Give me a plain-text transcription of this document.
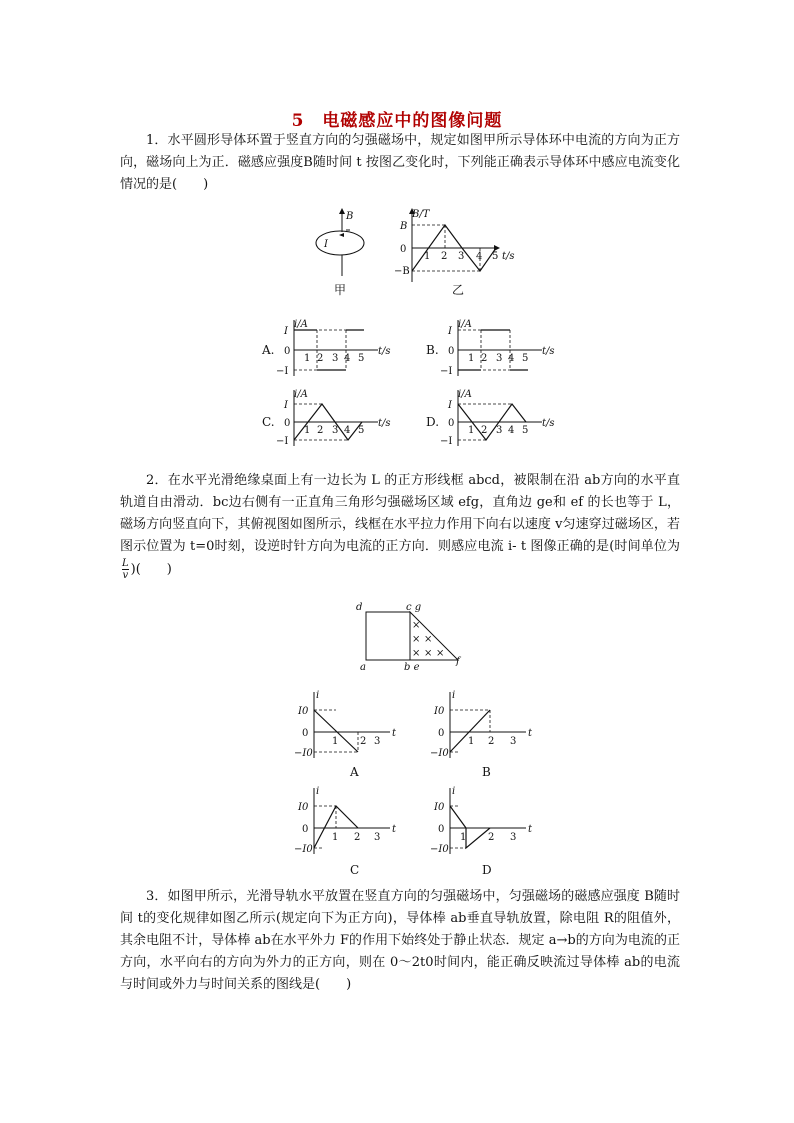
5　电磁感应中的图像问题
1．水平圆形导体环置于竖直方向的匀强磁场中，规定如图甲所示导体环中电流的方向为正方向，磁场向上为正．磁感应强度B随时间 t 按图乙变化时，下列能正确表示导体环中感应电流变化情况的是(　　)
B
I
甲
B/T
B
0
−B
1 2 3 4 5 t/s
乙
A.
i/A
I
0
−I
1 2 3 4 5
t/s	B.
i/A
I
0
−I
1 2 3 4 5
t/s
C.
i/A
I
0
−I
1 2 3 4 5
t/s	D.
i/A
I
0
−I
1 2 3 4 5
t/s
2．在水平光滑绝缘桌面上有一边长为 L 的正方形线框 abcd，被限制在沿 ab方向的水平直轨道自由滑动．bc边右侧有一正直角三角形匀强磁场区域 efg，直角边 ge和 ef 的长也等于 L，磁场方向竖直向下，其俯视图如图所示，线框在水平拉力作用下向右以速度 v匀速穿过磁场区，若图示位置为 t=0时刻，设逆时针方向为电流的正方向．则感应电流 i- t 图像正确的是(时间单位为
$\frac{L}{v}$ )(　　)
d	c g
a	b e
f
×
× ×
× × ×
i
I0
0
−I0
1 2 3
t
A
i
I0
0
−I0
1 2 3
t
B
i
I0
0
−I0
1 2 3
t
C
i
I0
0
−I0
1 2 3
t
D
3．如图甲所示，光滑导轨水平放置在竖直方向的匀强磁场中，匀强磁场的磁感应强度 B随时间 t的变化规律如图乙所示(规定向下为正方向)，导体棒 ab垂直导轨放置，除电阻 R的阻值外，其余电阻不计，导体棒 ab在水平外力 F的作用下始终处于静止状态．规定 a→b的方向为电流的正方向，水平向右的方向为外力的正方向，则在 0～2t0时间内，能正确反映流过导体棒 ab的电流与时间或外力与时间关系的图线是(　　)
